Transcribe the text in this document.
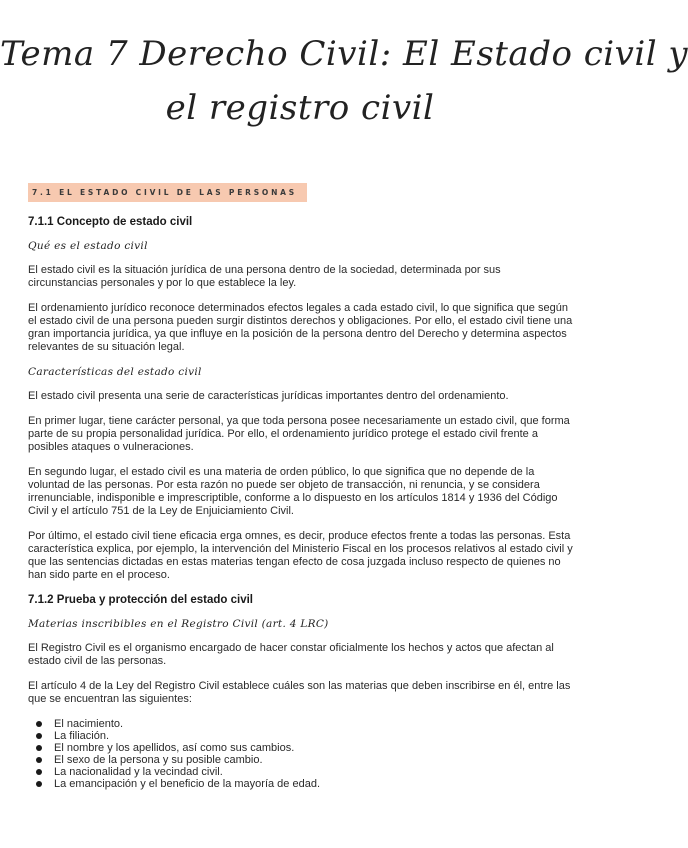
Tema 7 Derecho Civil: El Estado civil y
el registro civil
7.1 EL ESTADO CIVIL DE LAS PERSONAS
7.1.1 Concepto de estado civil
Qué es el estado civil

El estado civil es la situación jurídica de una persona dentro de la sociedad, determinada por sus circunstancias personales y por lo que establece la ley.

El ordenamiento jurídico reconoce determinados efectos legales a cada estado civil, lo que significa que según el estado civil de una persona pueden surgir distintos derechos y obligaciones. Por ello, el estado civil tiene una gran importancia jurídica, ya que influye en la posición de la persona dentro del Derecho y determina aspectos relevantes de su situación legal.

Características del estado civil

El estado civil presenta una serie de características jurídicas importantes dentro del ordenamiento.

En primer lugar, tiene carácter personal, ya que toda persona posee necesariamente un estado civil, que forma parte de su propia personalidad jurídica. Por ello, el ordenamiento jurídico protege el estado civil frente a posibles ataques o vulneraciones.

En segundo lugar, el estado civil es una materia de orden público, lo que significa que no depende de la voluntad de las personas. Por esta razón no puede ser objeto de transacción, ni renuncia, y se considera irrenunciable, indisponible e imprescriptible, conforme a lo dispuesto en los artículos 1814 y 1936 del Código Civil y el artículo 751 de la Ley de Enjuiciamiento Civil.

Por último, el estado civil tiene eficacia erga omnes, es decir, produce efectos frente a todas las personas. Esta característica explica, por ejemplo, la intervención del Ministerio Fiscal en los procesos relativos al estado civil y que las sentencias dictadas en estas materias tengan efecto de cosa juzgada incluso respecto de quienes no han sido parte en el proceso.

7.1.2 Prueba y protección del estado civil
Materias inscribibles en el Registro Civil (art. 4 LRC)

El Registro Civil es el organismo encargado de hacer constar oficialmente los hechos y actos que afectan al estado civil de las personas.

El artículo 4 de la Ley del Registro Civil establece cuáles son las materias que deben inscribirse en él, entre las que se encuentran las siguientes:

El nacimiento.
La filiación.
El nombre y los apellidos, así como sus cambios.
El sexo de la persona y su posible cambio.
La nacionalidad y la vecindad civil.
La emancipación y el beneficio de la mayoría de edad.
